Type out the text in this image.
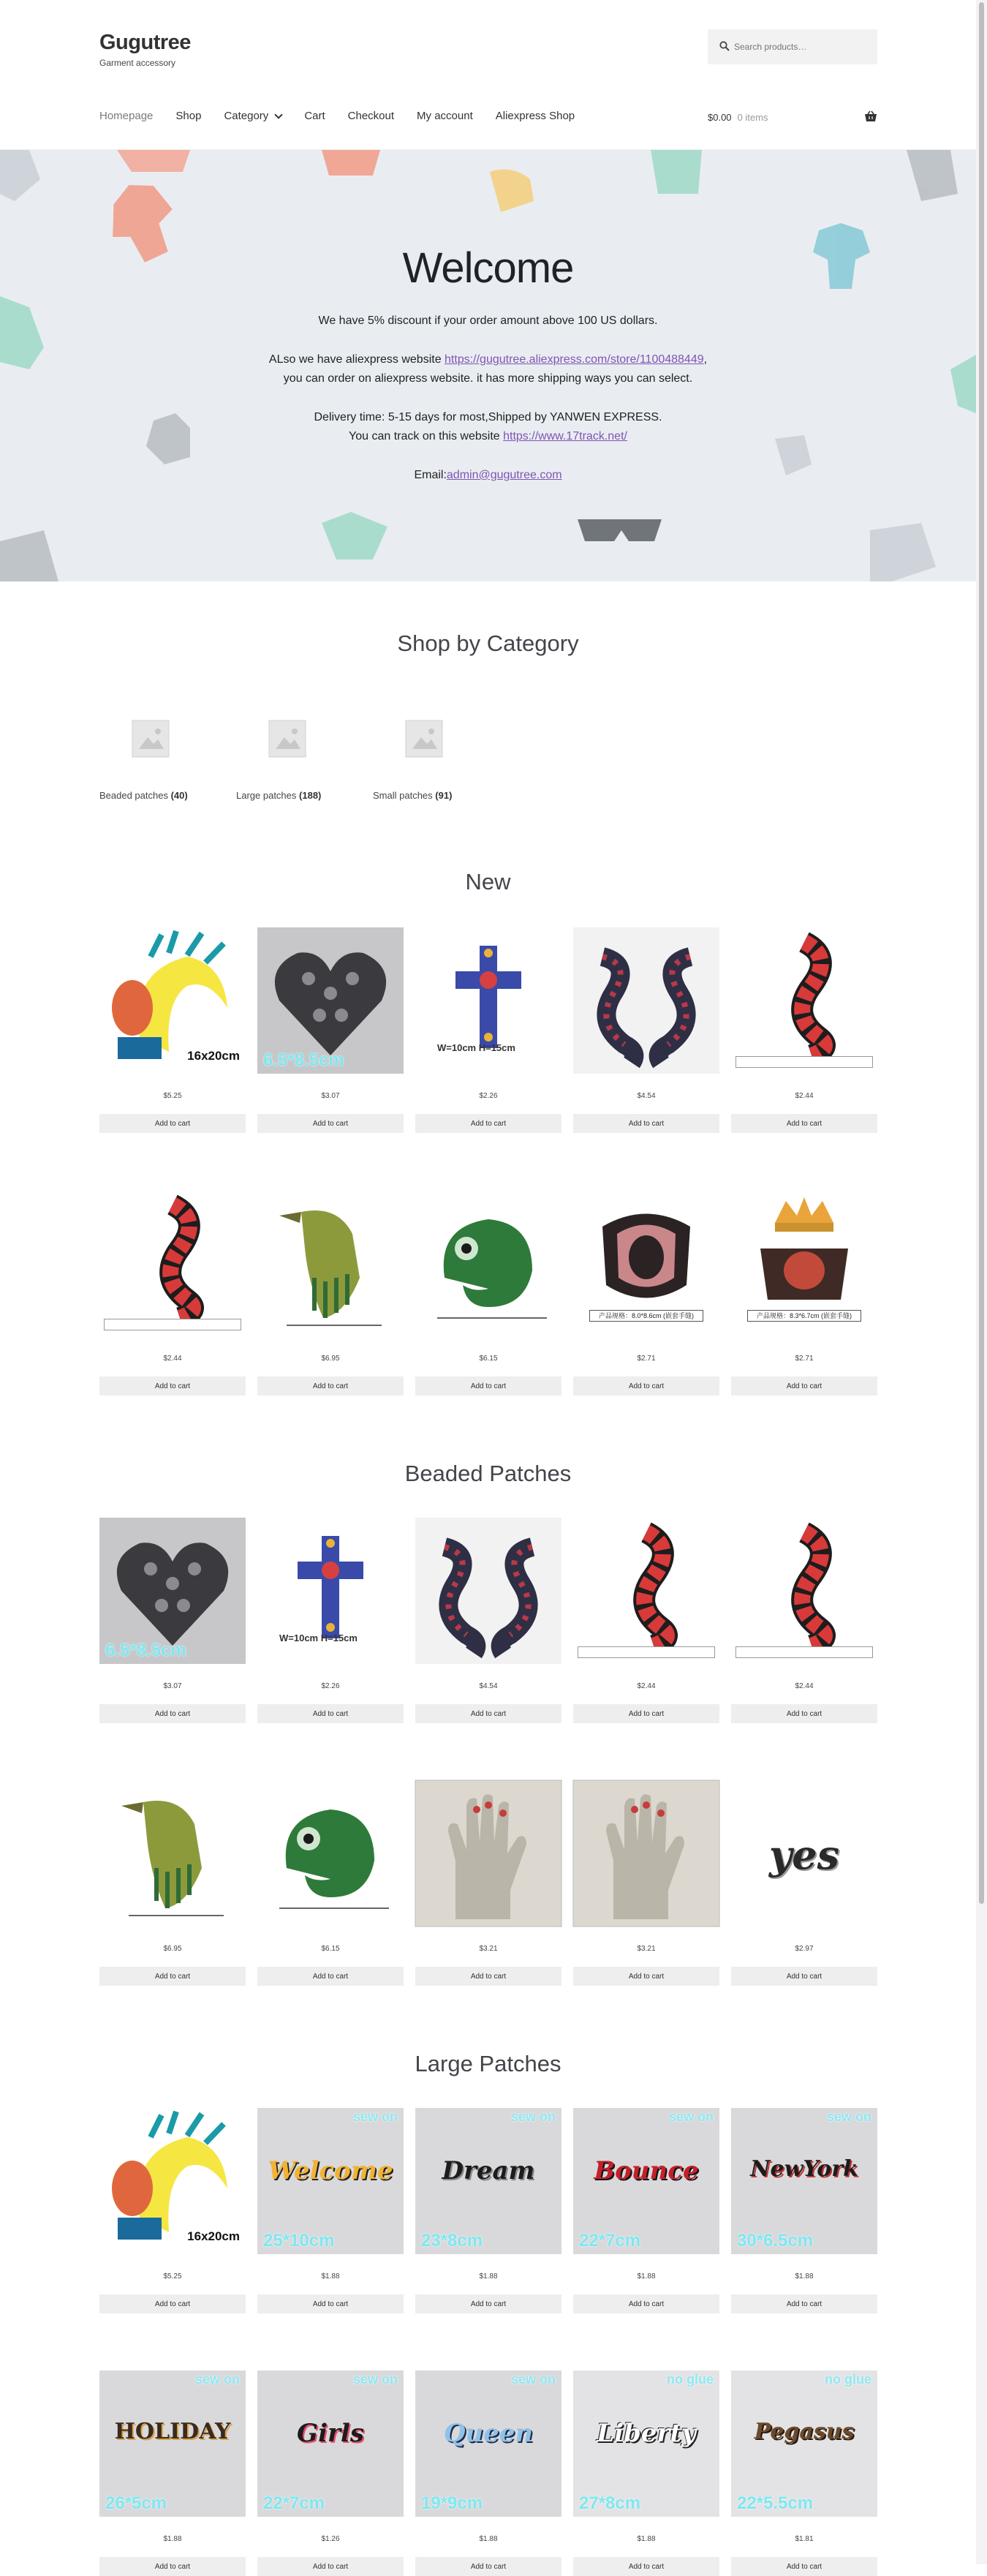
Gugutree
Garment accessory
Search products…
Homepage Shop Category	Cart Checkout My account Aliexpress Shop	$0.00 0 items
Welcome

We have 5% discount if your order amount above 100 US dollars.

ALso we have aliexpress website https://gugutree.aliexpress.com/store/1100488449,

you can order on aliexpress website. it has more shipping ways you can select.

Delivery time: 5-15 days for most,Shipped by YANWEN EXPRESS.

You can track on this website https://www.17track.net/

Email:admin@gugutree.com

Shop by Category
Beaded patches (40)	Large patches (188)	Small patches (91)
New
16x20cm
$5.25
Add to cart
6.5*8.5cm
$3.07
Add to cart
W=10cm H=15cm
$2.26
Add to cart
$4.54
Add to cart
$2.44
Add to cart
$2.44
Add to cart
$6.95
Add to cart
$6.15
Add to cart
产品规格：8.0*8.6cm (嵌套手缝)
$2.71
Add to cart
产品规格：8.3*6.7cm (嵌套手缝)
$2.71
Add to cart
Beaded Patches
6.5*8.5cm
$3.07
Add to cart
W=10cm H=15cm
$2.26
Add to cart
$4.54
Add to cart
$2.44
Add to cart
$2.44
Add to cart
$6.95
Add to cart
$6.15
Add to cart
$3.21
Add to cart
$3.21
Add to cart
yes
$2.97
Add to cart
Large Patches
16x20cm
$5.25
Add to cart
sew on
Welcome
25*10cm
$1.88
Add to cart
sew on
Dream
23*8cm
$1.88
Add to cart
sew on
Bounce
22*7cm
$1.88
Add to cart
sew on
NewYork
30*6.5cm
$1.88
Add to cart
sew on
HOLIDAY
26*5cm
$1.88
Add to cart
sew on
Girls
22*7cm
$1.26
Add to cart
sew on
Queen
19*9cm
$1.88
Add to cart
no glue
Liberty
27*8cm
$1.88
Add to cart
no glue
Pegasus
22*5.5cm
$1.81
Add to cart
